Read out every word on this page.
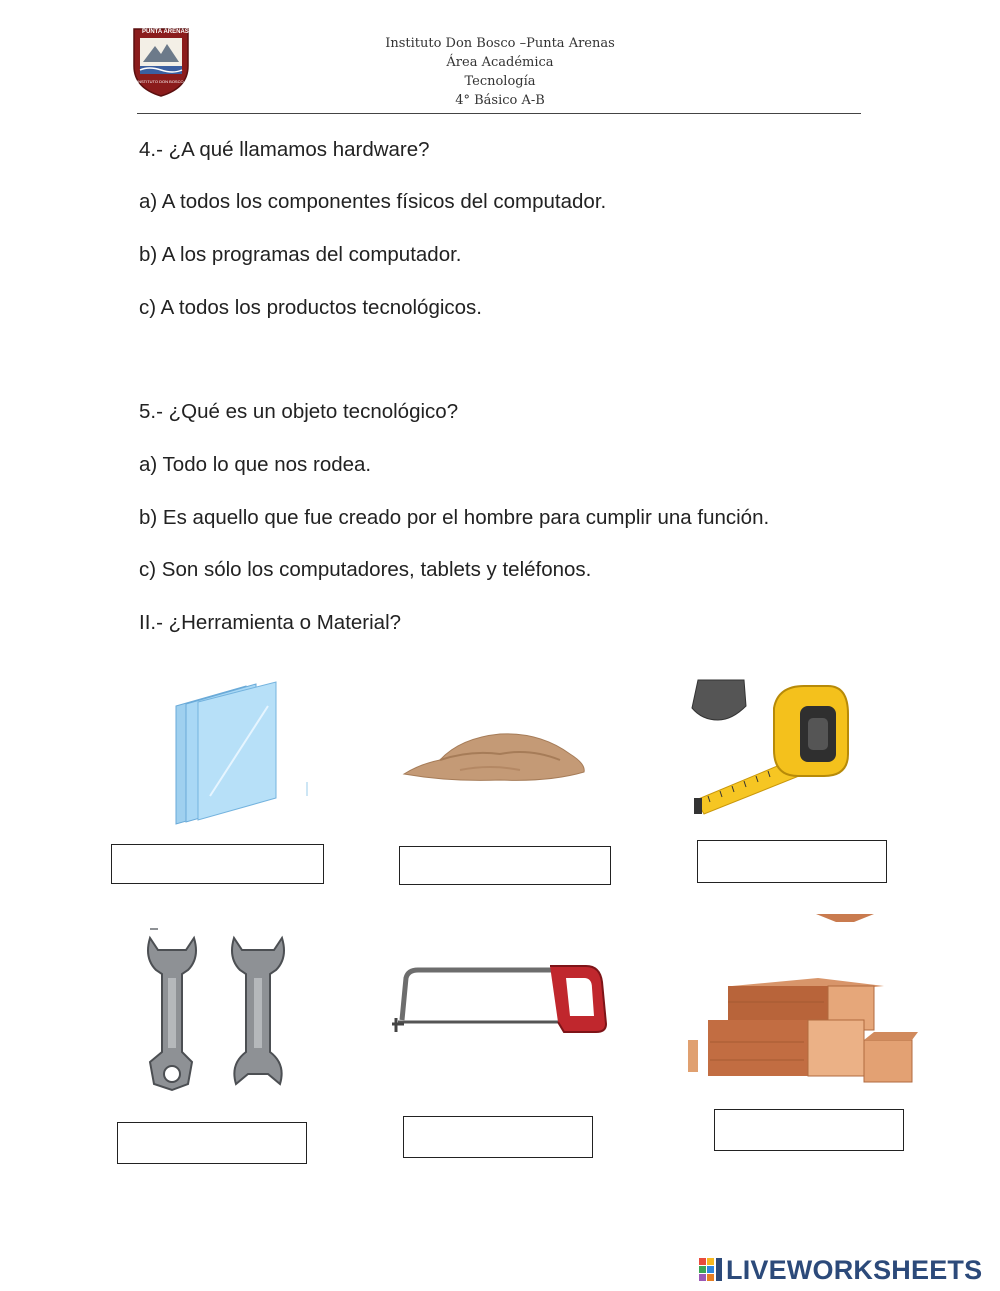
PUNTA ARENAS
INSTITUTO DON BOSCO
Instituto Don Bosco –Punta Arenas
Área Académica
Tecnología
4° Básico A-B
4.- ¿A qué llamamos hardware?
a) A todos los componentes físicos del computador.
b) A los programas del computador.
c) A todos los productos tecnológicos.
5.- ¿Qué es un objeto tecnológico?
a) Todo lo que nos rodea.
b) Es aquello que fue creado por el hombre para cumplir una función.
c) Son sólo los computadores, tablets y teléfonos.
II.- ¿Herramienta o Material?
LIVEWORKSHEETS
